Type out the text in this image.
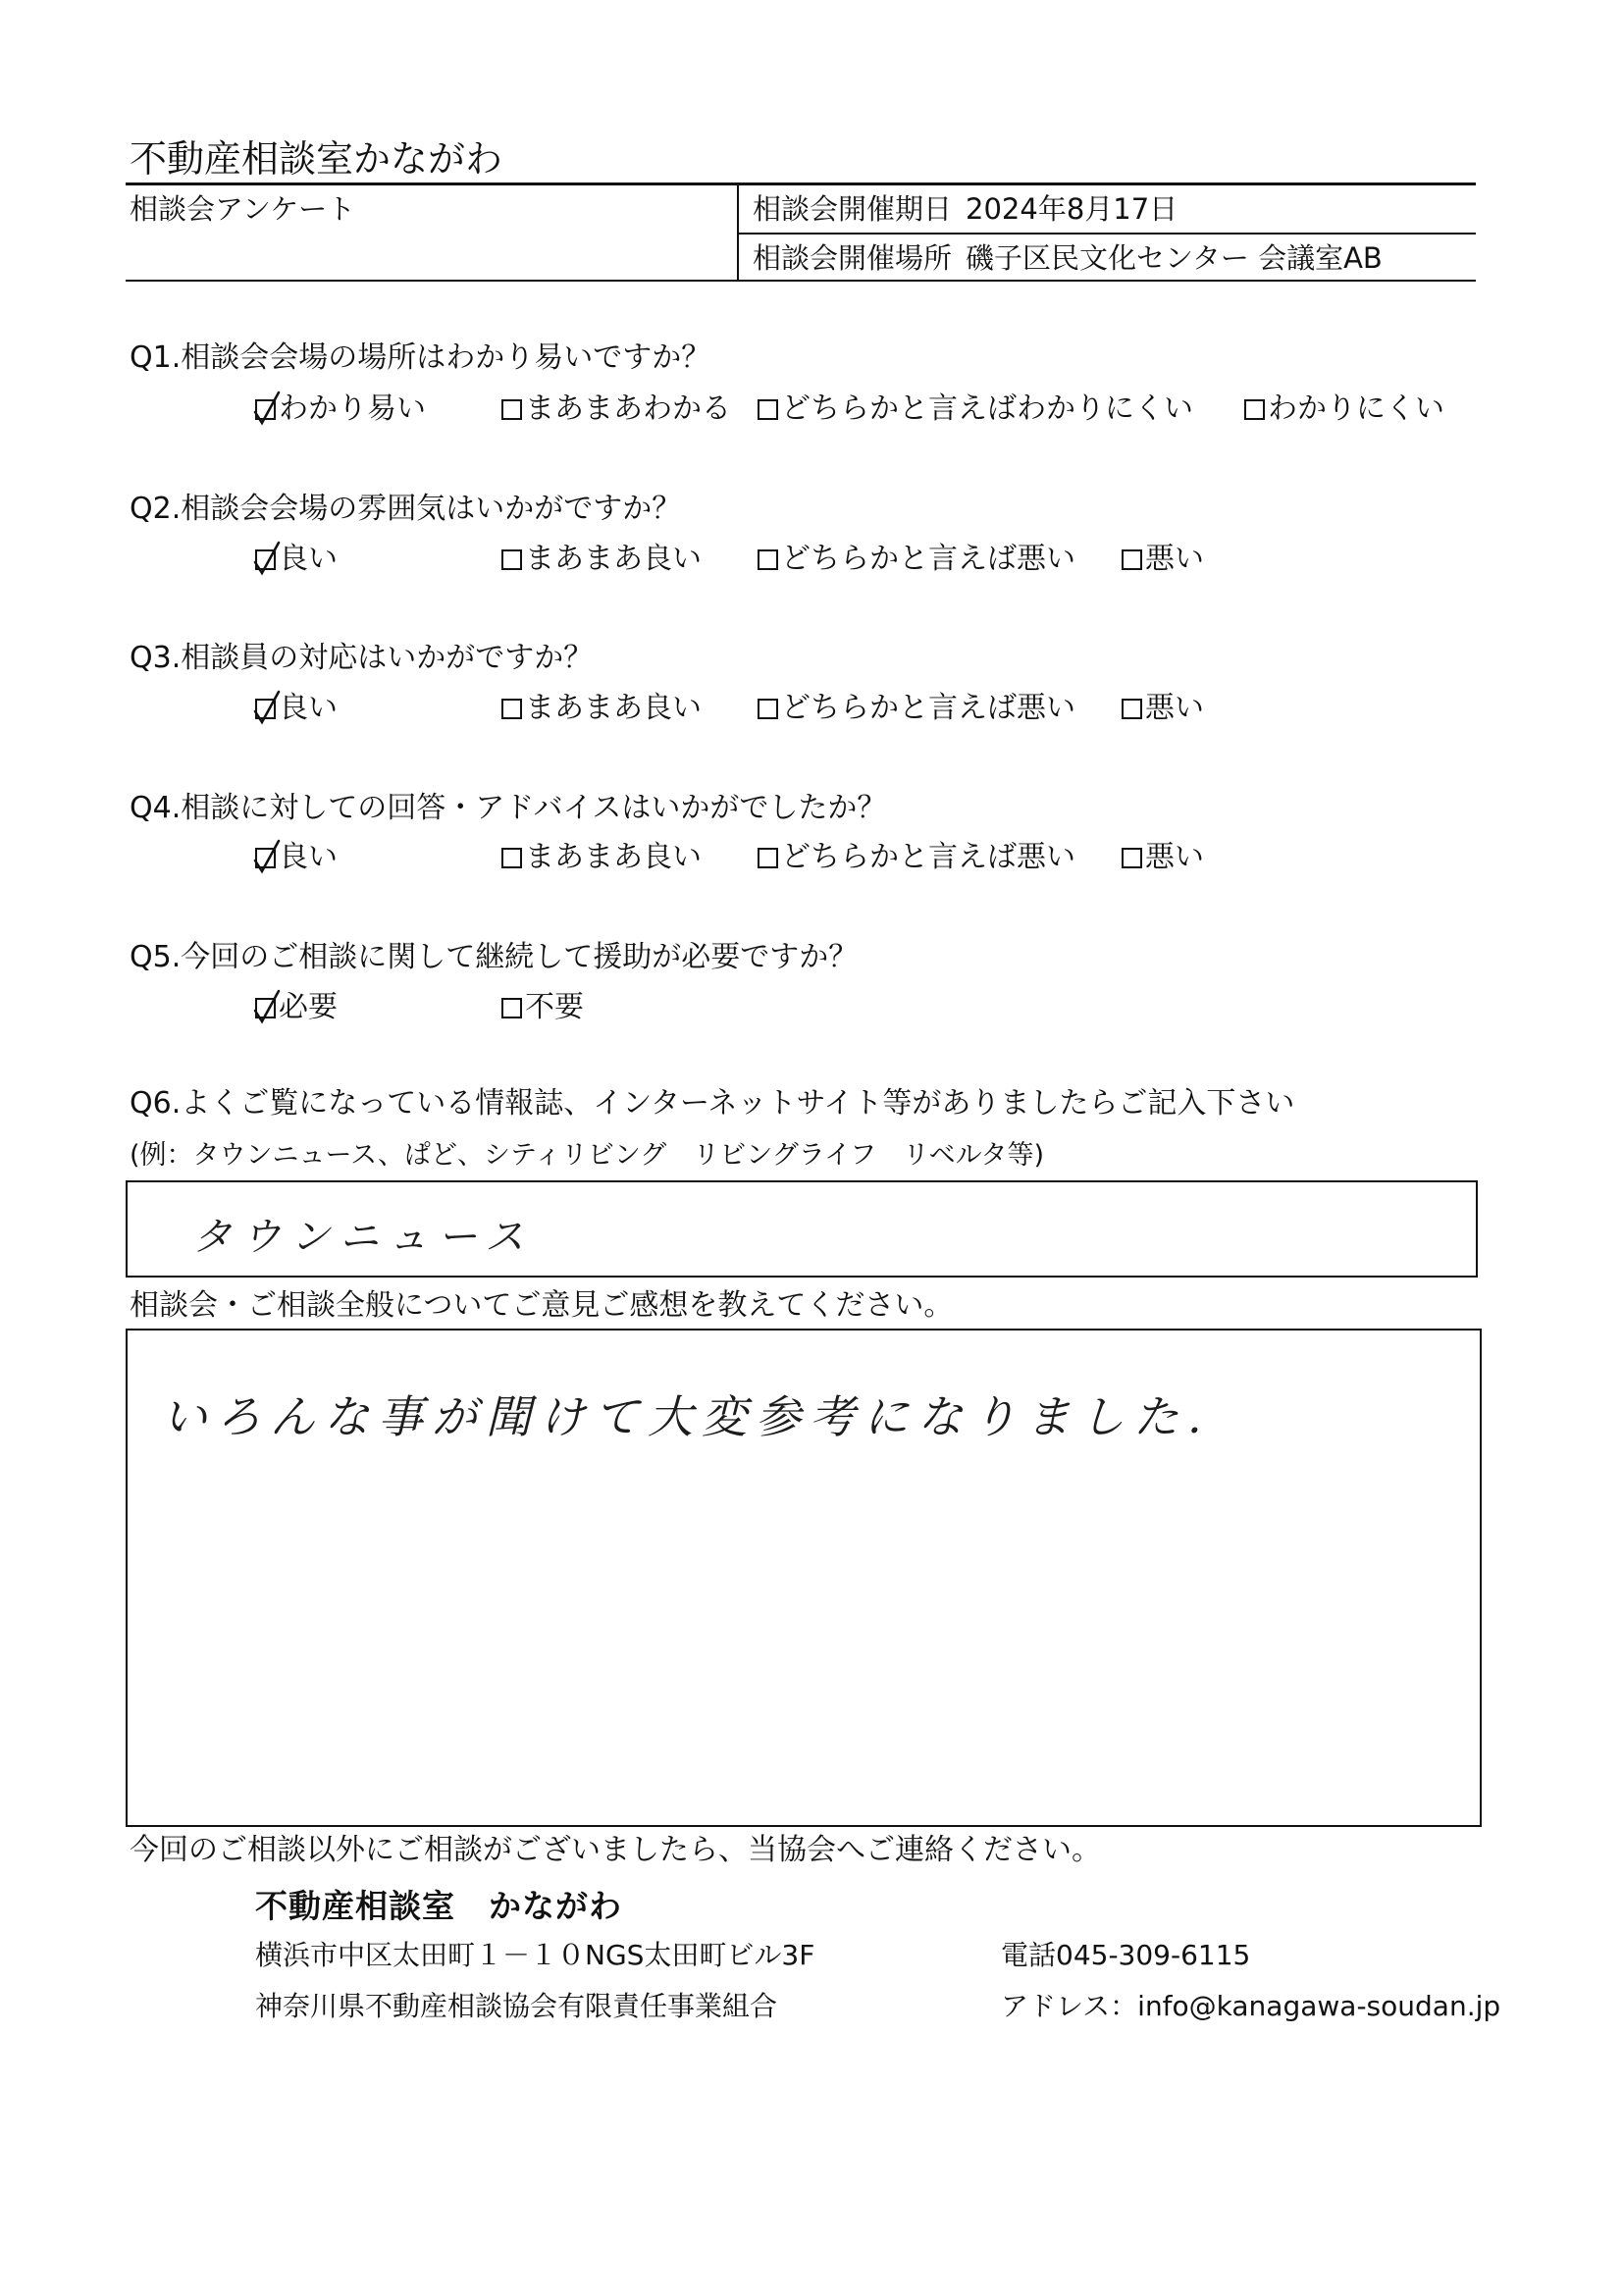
不動産相談室かながわ
相談会アンケート	相談会開催期日 2024年8月17日
相談会開催場所 磯子区民文化センター 会議室AB
Q1.相談会会場の場所はわかり易いですか？
わかり易い	まあまあわかる どちらかと言えばわかりにくい	わかりにくい
Q2.相談会会場の雰囲気はいかがですか？
良い	まあまあ良い	どちらかと言えば悪い 悪い
Q3.相談員の対応はいかがですか？
良い	まあまあ良い	どちらかと言えば悪い 悪い
Q4.相談に対しての回答・アドバイスはいかがでしたか？
良い	まあまあ良い	どちらかと言えば悪い 悪い
Q5.今回のご相談に関して継続して援助が必要ですか？
必要	不要
Q6.よくご覧になっている情報誌、インターネットサイト等がありましたらご記入下さい
(例：タウンニュース、ぱど、シティリビング　リビングライフ　リベルタ等)
タウンニュース
相談会・ご相談全般についてご意見ご感想を教えてください。
いろんな事が聞けて大変参考になりました.
今回のご相談以外にご相談がございましたら、当協会へご連絡ください。
不動産相談室　かながわ
横浜市中区太田町１－１０NGS太田町ビル3F	電話045-309-6115
神奈川県不動産相談協会有限責任事業組合	アドレス：info@kanagawa-soudan.jp
